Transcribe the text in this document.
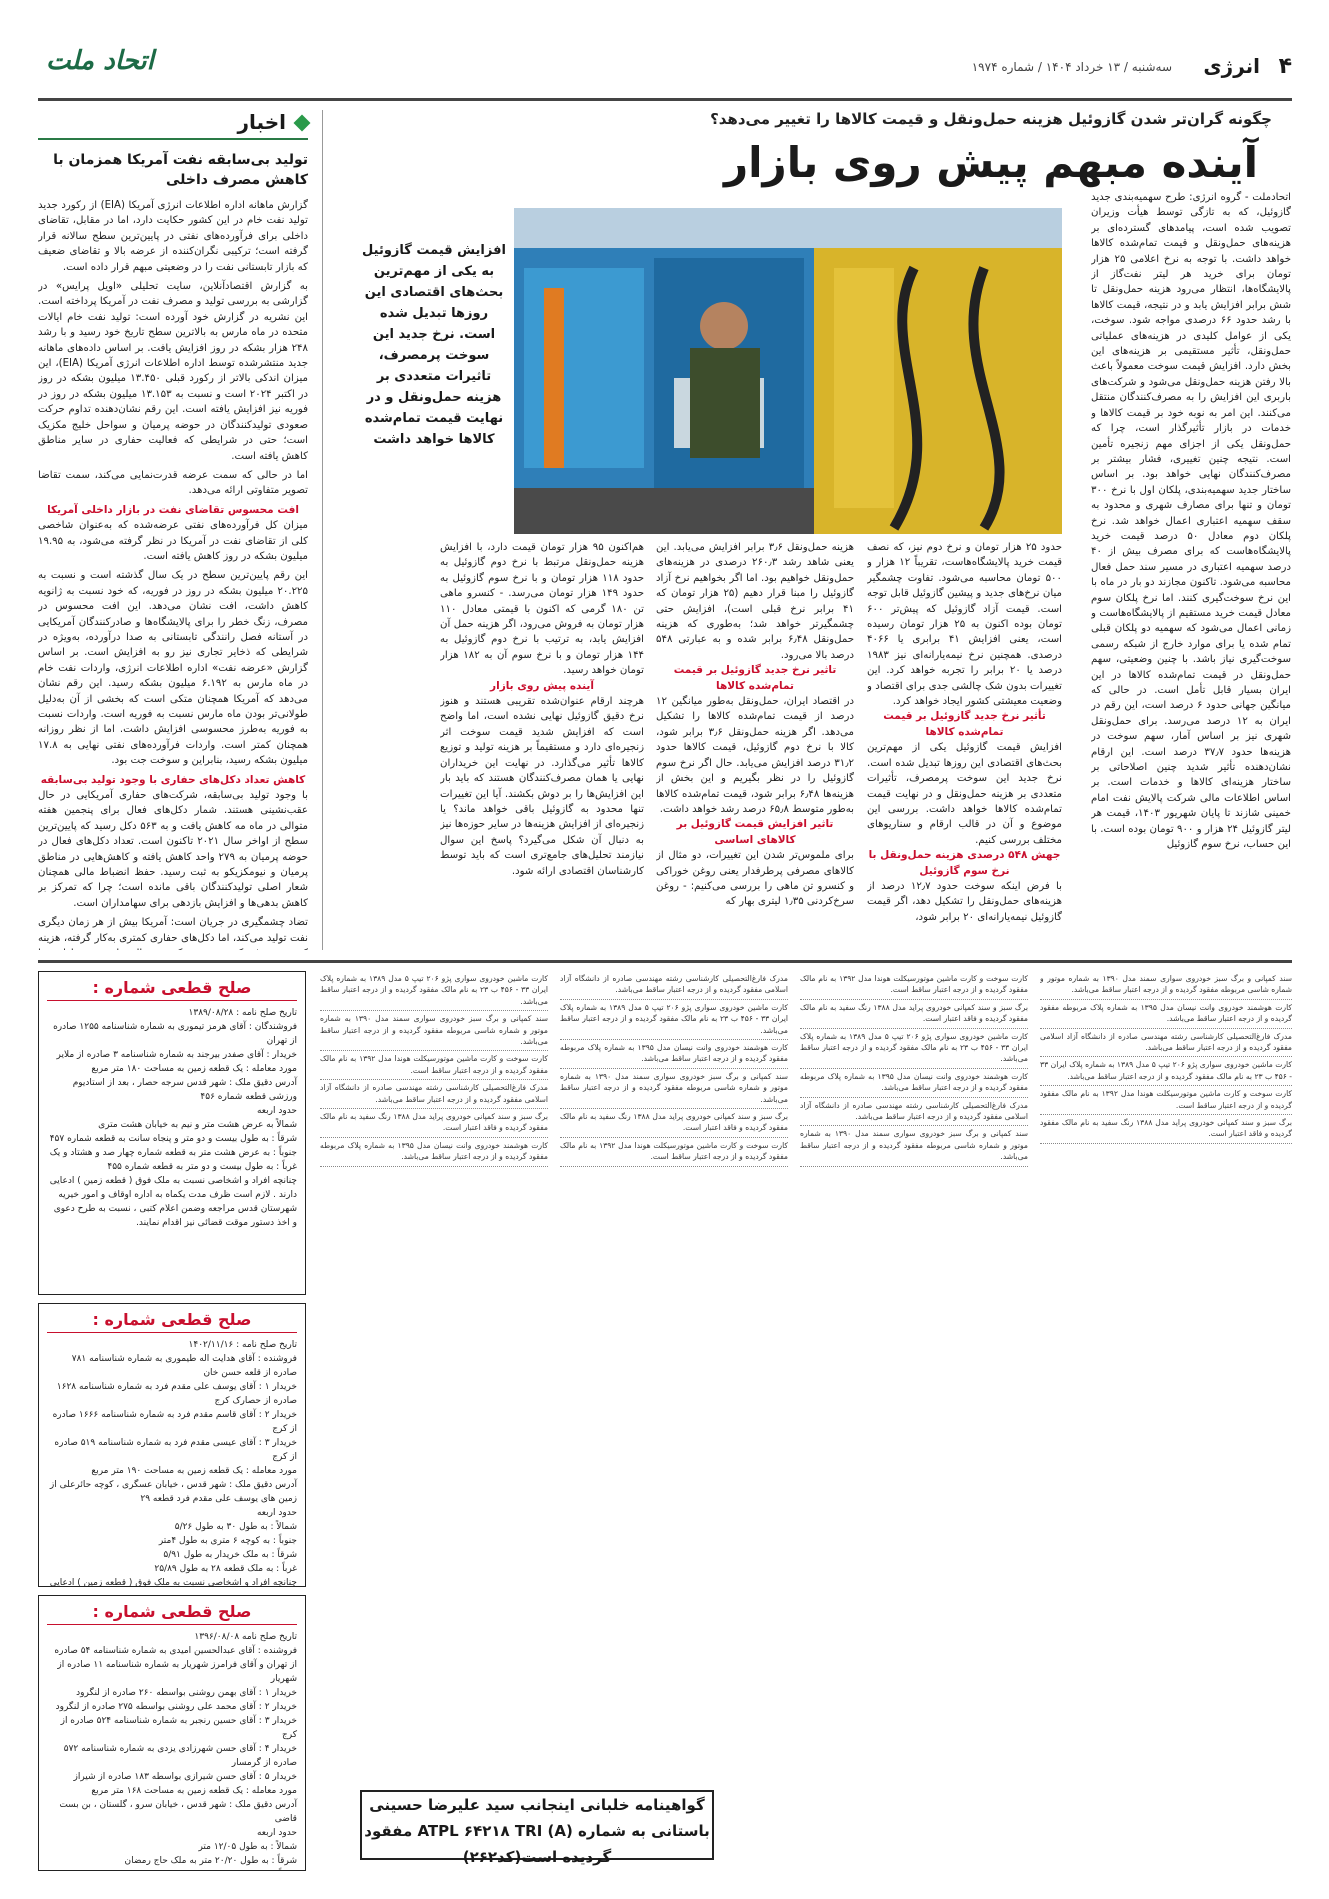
۴
انرژی
سه‌شنبه / ۱۳ خرداد ۱۴۰۴ / شماره ۱۹۷۴
اتحاد ملت
اخبار
تولید بی‌سابقه نفت آمریکا همزمان با کاهش مصرف داخلی

گزارش ماهانه اداره اطلاعات انرژی آمریکا (EIA) از رکورد جدید تولید نفت خام در این کشور حکایت دارد، اما در مقابل، تقاضای داخلی برای فرآورده‌های نفتی در پایین‌ترین سطح سالانه قرار گرفته است؛ ترکیبی نگران‌کننده از عرضه بالا و تقاضای ضعیف که بازار تابستانی نفت را در وضعیتی مبهم قرار داده است.

به گزارش اقتصادآنلاین، سایت تحلیلی «اویل پرایس» در گزارشی به بررسی تولید و مصرف نفت در آمریکا پرداخته است. این نشریه در گزارش خود آورده است: تولید نفت خام ایالات متحده در ماه مارس به بالاترین سطح تاریخ خود رسید و با رشد ۲۴۸ هزار بشکه در روز افزایش یافت. بر اساس داده‌های ماهانه جدید منتشرشده توسط اداره اطلاعات انرژی آمریکا (EIA)، این میزان اندکی بالاتر از رکورد قبلی ۱۳.۴۵۰ میلیون بشکه در روز در اکتبر ۲۰۲۴ است و نسبت به ۱۳.۱۵۳ میلیون بشکه در روز در فوریه نیز افزایش یافته است. این رقم نشان‌دهنده تداوم حرکت صعودی تولیدکنندگان در حوضه پرمیان و سواحل خلیج مکزیک است؛ حتی در شرایطی که فعالیت حفاری در سایر مناطق کاهش یافته است.

اما در حالی که سمت عرضه قدرت‌نمایی می‌کند، سمت تقاضا تصویر متفاوتی ارائه می‌دهد.

افت محسوس تقاضای نفت در بازار داخلی آمریکا

میزان کل فرآورده‌های نفتی عرضه‌شده که به‌عنوان شاخصی کلی از تقاضای نفت در آمریکا در نظر گرفته می‌شود، به ۱۹.۹۵ میلیون بشکه در روز کاهش یافته است.

این رقم پایین‌ترین سطح در یک سال گذشته است و نسبت به ۲۰.۲۲۵ میلیون بشکه در روز در فوریه، که خود نسبت به ژانویه کاهش داشت، افت نشان می‌دهد. این افت محسوس در مصرف، زنگ خطر را برای پالایشگاه‌ها و صادرکنندگان آمریکایی در آستانه فصل رانندگی تابستانی به صدا درآورده، به‌ویژه در شرایطی که ذخایر تجاری نیز رو به افزایش است. بر اساس گزارش «عرضه نفت» اداره اطلاعات انرژی، واردات نفت خام در ماه مارس به ۶.۱۹۲ میلیون بشکه رسید. این رقم نشان می‌دهد که آمریکا همچنان متکی است که بخشی از آن به‌دلیل طولانی‌تر بودن ماه مارس نسبت به فوریه است. واردات نسبت به فوریه به‌طرز محسوسی افزایش داشت. اما از نظر روزانه همچنان کمتر است. واردات فرآورده‌های نفتی نهایی به ۱۷.۸ میلیون بشکه رسید، بنابراین و سوخت جت بود.

کاهش تعداد دکل‌های حفاری با وجود تولید بی‌سابقه

با وجود تولید بی‌سابقه، شرکت‌های حفاری آمریکایی در حال عقب‌نشینی هستند. شمار دکل‌های فعال برای پنجمین هفته متوالی در ماه مه کاهش یافت و به ۵۶۳ دکل رسید که پایین‌ترین سطح از اواخر سال ۲۰۲۱ تاکنون است. تعداد دکل‌های فعال در حوضه پرمیان به ۲۷۹ واحد کاهش یافته و کاهش‌هایی در مناطق پرمیان و نیومکزیکو به ثبت رسید. حفظ انضباط مالی همچنان شعار اصلی تولیدکنندگان باقی مانده است؛ چرا که تمرکز بر کاهش بدهی‌ها و افزایش بازدهی برای سهامداران است.

تضاد چشمگیری در جریان است: آمریکا بیش از هر زمان دیگری نفت تولید می‌کند، اما دکل‌های حفاری کمتری به‌کار گرفته، هزینه

چگونه گران‌تر شدن گازوئیل هزینه حمل‌ونقل و قیمت کالاها را تغییر می‌دهد؟
آینده مبهم پیش روی بازار
اتحادملت - گروه انرژی: طرح سهمیه‌بندی جدید گازوئیل، که به تازگی توسط هیأت وزیران تصویب شده است، پیامدهای گسترده‌ای بر هزینه‌های حمل‌ونقل و قیمت تمام‌شده کالاها خواهد داشت. با توجه به نرخ اعلامی ۲۵ هزار تومان برای خرید هر لیتر نفت‌گاز از پالایشگاه‌ها، انتظار می‌رود هزینه حمل‌ونقل تا شش برابر افزایش یابد و در نتیجه، قیمت کالاها با رشد حدود ۶۶ درصدی مواجه شود. سوخت، یکی از عوامل کلیدی در هزینه‌های عملیاتی حمل‌ونقل، تأثیر مستقیمی بر هزینه‌های این بخش دارد. افزایش قیمت سوخت معمولاً باعث بالا رفتن هزینه حمل‌ونقل می‌شود و شرکت‌های باربری این افزایش را به مصرف‌کنندگان منتقل می‌کنند. این امر به نوبه خود بر قیمت کالاها و خدمات در بازار تأثیرگذار است، چرا که حمل‌ونقل یکی از اجزای مهم زنجیره تأمین است. نتیجه چنین تغییری، فشار بیشتر بر مصرف‌کنندگان نهایی خواهد بود. بر اساس ساختار جدید سهمیه‌بندی، پلکان اول با نرخ ۳۰۰ تومان و تنها برای مصارف شهری و محدود به سقف سهمیه اعتباری اعمال خواهد شد. نرخ پلکان دوم معادل ۵۰ درصد قیمت خرید پالایشگاه‌هاست که برای مصرف بیش از ۴۰ درصد سهمیه اعتباری در مسیر سند حمل فعال محاسبه می‌شود. تاکنون مجازند دو بار در ماه با این نرخ سوخت‌گیری کنند. اما نرخ پلکان سوم معادل قیمت خرید مستقیم از پالایشگاه‌هاست و زمانی اعمال می‌شود که سهمیه دو پلکان قبلی تمام شده یا برای موارد خارج از شبکه رسمی سوخت‌گیری نیاز باشد. با چنین وضعیتی، سهم حمل‌ونقل در قیمت تمام‌شده کالاها در این ایران بسیار قابل تأمل است. در حالی که میانگین جهانی حدود ۶ درصد است، این رقم در ایران به ۱۲ درصد می‌رسد. برای حمل‌ونقل شهری نیز بر اساس آمار، سهم سوخت در هزینه‌ها حدود ۳۷٫۷ درصد است. این ارقام نشان‌دهنده تأثیر شدید چنین اصلاحاتی بر ساختار هزینه‌ای کالاها و خدمات است. بر اساس اطلاعات مالی شرکت پالایش نفت امام خمینی شازند تا پایان شهریور ۱۴۰۳، قیمت هر لیتر گازوئیل ۲۴ هزار و ۹۰۰ تومان بوده است. با این حساب، نرخ سوم گازوئیل
افزایش قیمت گازوئیل به یکی از مهم‌ترین بحث‌های اقتصادی این روزها تبدیل شده است. نرخ جدید این سوخت پرمصرف، تاثیرات متعددی بر هزینه حمل‌ونقل و در نهایت قیمت تمام‌شده کالاها خواهد داشت
حدود ۲۵ هزار تومان و نرخ دوم نیز، که نصف قیمت خرید پالایشگاه‌هاست، تقریباً ۱۲ هزار و ۵۰۰ تومان محاسبه می‌شود. تفاوت چشمگیر میان نرخ‌های جدید و پیشین گازوئیل قابل توجه است. قیمت آزاد گازوئیل که پیش‌تر ۶۰۰ تومان بوده اکنون به ۲۵ هزار تومان رسیده است، یعنی افزایش ۴۱ برابری یا ۴۰۶۶ درصدی. همچنین نرخ نیمه‌یارانه‌ای نیز ۱۹۸۳ درصد یا ۲۰ برابر را تجربه خواهد کرد. این تغییرات بدون شک چالشی جدی برای اقتصاد و وضعیت معیشتی کشور ایجاد خواهد کرد.
تأثیر نرخ جدید گازوئیل بر قیمت تمام‌شده کالاها
افزایش قیمت گازوئیل یکی از مهم‌ترین بحث‌های اقتصادی این روزها تبدیل شده است. نرخ جدید این سوخت پرمصرف، تأثیرات متعددی بر هزینه حمل‌ونقل و در نهایت قیمت تمام‌شده کالاها خواهد داشت. بررسی این موضوع و آن در قالب ارقام و سناریوهای مختلف بررسی کنیم.
جهش ۵۴۸ درصدی هزینه حمل‌ونقل با نرخ سوم گازوئیل
با فرض اینکه سوخت حدود ۱۲٫۷ درصد از هزینه‌های حمل‌ونقل را تشکیل دهد، اگر قیمت گازوئیل نیمه‌یارانه‌ای ۲۰ برابر شود،
هزینه حمل‌ونقل ۳٫۶ برابر افزایش می‌یابد. این یعنی شاهد رشد ۲۶۰٫۳ درصدی در هزینه‌های حمل‌ونقل خواهیم بود. اما اگر بخواهیم نرخ آزاد گازوئیل را مبنا قرار دهیم (۲۵ هزار تومان که ۴۱ برابر نرخ قبلی است)، افزایش حتی چشمگیرتر خواهد شد؛ به‌طوری که هزینه حمل‌ونقل ۶٫۴۸ برابر شده و به عبارتی ۵۴۸ درصد بالا می‌رود.
تاثیر نرخ جدید گازوئیل بر قیمت تمام‌شده کالاها
در اقتصاد ایران، حمل‌ونقل به‌طور میانگین ۱۲ درصد از قیمت تمام‌شده کالاها را تشکیل می‌دهد. اگر هزینه حمل‌ونقل ۳٫۶ برابر شود، کالا با نرخ دوم گازوئیل، قیمت کالاها حدود ۳۱٫۲ درصد افزایش می‌یابد. حال اگر نرخ سوم گازوئیل را در نظر بگیریم و این بخش از هزینه‌ها ۶٫۴۸ برابر شود، قیمت تمام‌شده کالاها به‌طور متوسط ۶۵٫۸ درصد رشد خواهد داشت.
تاثیر افزایش قیمت گازوئیل بر کالاهای اساسی
برای ملموس‌تر شدن این تغییرات، دو مثال از کالاهای مصرفی پرطرفدار یعنی روغن خوراکی و کنسرو تن ماهی را بررسی می‌کنیم: - روغن سرخ‌کردنی ۱٫۳۵ لیتری بهار که
هم‌اکنون ۹۵ هزار تومان قیمت دارد، با افزایش هزینه حمل‌ونقل مرتبط با نرخ دوم گازوئیل به حدود ۱۱۸ هزار تومان و با نرخ سوم گازوئیل به حدود ۱۴۹ هزار تومان می‌رسد. - کنسرو ماهی تن ۱۸۰ گرمی که اکنون با قیمتی معادل ۱۱۰ هزار تومان به فروش می‌رود، اگر هزینه حمل آن افزایش یابد، به ترتیب با نرخ دوم گازوئیل به ۱۴۴ هزار تومان و با نرخ سوم آن به ۱۸۲ هزار تومان خواهد رسید.
آینده پیش روی بازار
هرچند ارقام عنوان‌شده تقریبی هستند و هنوز نرخ دقیق گازوئیل نهایی نشده است، اما واضح است که افزایش شدید قیمت سوخت اثر زنجیره‌ای دارد و مستقیماً بر هزینه تولید و توزیع کالاها تأثیر می‌گذارد. در نهایت این خریداران نهایی یا همان مصرف‌کنندگان هستند که باید بار این افزایش‌ها را بر دوش بکشند. آیا این تغییرات تنها محدود به گازوئیل باقی خواهد ماند؟ یا زنجیره‌ای از افزایش هزینه‌ها در سایر حوزه‌ها نیز به دنبال آن شکل می‌گیرد؟ پاسخ این سوال نیازمند تحلیل‌های جامع‌تری است که باید توسط کارشناسان اقتصادی ارائه شود.
صلح قطعی شماره :
تاریخ صلح نامه : ۱۳۸۹/۰۸/۲۸
فروشندگان : آقای هرمز تیموری به شماره شناسنامه ۱۲۵۵ صادره از تهران
خریدار : آقای صفدر بیرجند به شماره شناسنامه ۳ صادره از ملایر
مورد معامله : یک قطعه زمین به مساحت ۱۸۰ متر مربع
آدرس دقیق ملک : شهر قدس سرجه حصار ، بعد از استادیوم ورزشی قطعه شماره ۴۵۶
حدود اربعه
شمالاً به عرض هشت متر و نیم به خیابان هشت متری
شرقاً : به طول بیست و دو متر و پنجاه سانت به قطعه شماره ۴۵۷
جنوباً : به عرض هشت متر به قطعه شماره چهار صد و هشتاد و یک
غرباً : به طول بیست و دو متر به قطعه شماره ۴۵۵
چنانچه افراد و اشخاصی نسبت به ملک فوق ( قطعه زمین ) ادعایی دارند . لازم است ظرف مدت یکماه به اداره اوقاف و امور خیریه شهرستان قدس مراجعه وضمن اعلام کتبی ، نسبت به طرح دعوی و اخذ دستور موقت قضائی نیز اقدام نمایند.
صلح قطعی شماره :
تاریخ صلح نامه : ۱۴۰۲/۱۱/۱۶
فروشنده : آقای هدایت اله طیموری به شماره شناسنامه ۷۸۱ صادره از قلعه حسن خان
خریدار ۱ : آقای یوسف علی مقدم فرد به شماره شناسنامه ۱۶۲۸ صادره از حصارک کرج
خریدار ۲ : آقای قاسم مقدم فرد به شماره شناسنامه ۱۶۶۶ صادره از کرج
خریدار ۳ : آقای عیسی مقدم فرد به شماره شناسنامه ۵۱۹ صادره از کرج
مورد معامله : یک قطعه زمین به مساحت ۱۹۰ متر مربع
آدرس دقیق ملک : شهر قدس ، خیابان عسگری ، کوچه حائرعلی از زمین های یوسف علی مقدم فرد قطعه ۲۹
حدود اربعه
شمالاً : به طول ۳۰ به طول ۵/۲۶
جنوباً : به کوچه ۶ متری به طول ۴متر
شرقاً : به ملک خریدار به طول ۵/۹۱
غرباً : به ملک قطعه ۲۸ به طول ۲۵/۸۹
چنانچه افراد و اشخاصی نسبت به ملک فوق ( قطعه زمین ) ادعایی
صلح قطعی شماره :
تاریخ صلح نامه ۱۳۹۶/۰۸/۰۸
فروشنده : آقای عبدالحسین امیدی به شماره شناسنامه ۵۴ صادره از تهران و آقای فرامرز شهریار به شماره شناسنامه ۱۱ صادره از شهریار
خریدار ۱ : آقای بهمن روشنی بواسطه ۲۶۰ صادره از لنگرود
خریدار ۲ : آقای محمد علی روشنی بواسطه ۲۷۵ صادره از لنگرود
خریدار ۳ : آقای حسین رنجبر به شماره شناسنامه ۵۲۴ صادره از کرج
خریدار ۴ : آقای حسن شهرزادی یزدی به شماره شناسنامه ۵۷۲ صادره از گرمسار
خریدار ۵ : آقای حسن شیرازی بواسطه ۱۸۳ صادره از شیراز
مورد معامله : یک قطعه زمین به مساحت ۱۶۸ متر مربع
آدرس دقیق ملک : شهر قدس ، خیابان سرو ، گلستان ، بن بست قاضی
حدود اربعه
شمالاً : به طول ۱۲/۰۵ متر
شرقاً : به طول ۲۰/۲۰ متر به ملک حاج رمضان
کارت ماشین خودروی سواری پژو ۲۰۶ تیپ ۵ مدل ۱۳۸۹ به شماره پلاک ایران ۳۳ - ۴۵۶ ب ۲۳ به نام مالک مفقود گردیده و از درجه اعتبار ساقط می‌باشد.
سند کمپانی و برگ سبز خودروی سواری سمند مدل ۱۳۹۰ به شماره موتور و شماره شاسی مربوطه مفقود گردیده و از درجه اعتبار ساقط می‌باشد.
کارت سوخت و کارت ماشین موتورسیکلت هوندا مدل ۱۳۹۲ به نام مالک مفقود گردیده و از درجه اعتبار ساقط است.
مدرک فارغ‌التحصیلی کارشناسی رشته مهندسی صادره از دانشگاه آزاد اسلامی مفقود گردیده و از درجه اعتبار ساقط می‌باشد.
برگ سبز و سند کمپانی خودروی پراید مدل ۱۳۸۸ رنگ سفید به نام مالک مفقود گردیده و فاقد اعتبار است.
کارت هوشمند خودروی وانت نیسان مدل ۱۳۹۵ به شماره پلاک مربوطه مفقود گردیده و از درجه اعتبار ساقط می‌باشد.
مدرک فارغ‌التحصیلی کارشناسی رشته مهندسی صادره از دانشگاه آزاد اسلامی مفقود گردیده و از درجه اعتبار ساقط می‌باشد.
کارت ماشین خودروی سواری پژو ۲۰۶ تیپ ۵ مدل ۱۳۸۹ به شماره پلاک ایران ۳۳ - ۴۵۶ ب ۲۳ به نام مالک مفقود گردیده و از درجه اعتبار ساقط می‌باشد.
کارت هوشمند خودروی وانت نیسان مدل ۱۳۹۵ به شماره پلاک مربوطه مفقود گردیده و از درجه اعتبار ساقط می‌باشد.
سند کمپانی و برگ سبز خودروی سواری سمند مدل ۱۳۹۰ به شماره موتور و شماره شاسی مربوطه مفقود گردیده و از درجه اعتبار ساقط می‌باشد.
برگ سبز و سند کمپانی خودروی پراید مدل ۱۳۸۸ رنگ سفید به نام مالک مفقود گردیده و فاقد اعتبار است.
کارت سوخت و کارت ماشین موتورسیکلت هوندا مدل ۱۳۹۲ به نام مالک مفقود گردیده و از درجه اعتبار ساقط است.
کارت سوخت و کارت ماشین موتورسیکلت هوندا مدل ۱۳۹۲ به نام مالک مفقود گردیده و از درجه اعتبار ساقط است.
برگ سبز و سند کمپانی خودروی پراید مدل ۱۳۸۸ رنگ سفید به نام مالک مفقود گردیده و فاقد اعتبار است.
کارت ماشین خودروی سواری پژو ۲۰۶ تیپ ۵ مدل ۱۳۸۹ به شماره پلاک ایران ۳۳ - ۴۵۶ ب ۲۳ به نام مالک مفقود گردیده و از درجه اعتبار ساقط می‌باشد.
کارت هوشمند خودروی وانت نیسان مدل ۱۳۹۵ به شماره پلاک مربوطه مفقود گردیده و از درجه اعتبار ساقط می‌باشد.
مدرک فارغ‌التحصیلی کارشناسی رشته مهندسی صادره از دانشگاه آزاد اسلامی مفقود گردیده و از درجه اعتبار ساقط می‌باشد.
سند کمپانی و برگ سبز خودروی سواری سمند مدل ۱۳۹۰ به شماره موتور و شماره شاسی مربوطه مفقود گردیده و از درجه اعتبار ساقط می‌باشد.
سند کمپانی و برگ سبز خودروی سواری سمند مدل ۱۳۹۰ به شماره موتور و شماره شاسی مربوطه مفقود گردیده و از درجه اعتبار ساقط می‌باشد.
کارت هوشمند خودروی وانت نیسان مدل ۱۳۹۵ به شماره پلاک مربوطه مفقود گردیده و از درجه اعتبار ساقط می‌باشد.
مدرک فارغ‌التحصیلی کارشناسی رشته مهندسی صادره از دانشگاه آزاد اسلامی مفقود گردیده و از درجه اعتبار ساقط می‌باشد.
کارت ماشین خودروی سواری پژو ۲۰۶ تیپ ۵ مدل ۱۳۸۹ به شماره پلاک ایران ۳۳ - ۴۵۶ ب ۲۳ به نام مالک مفقود گردیده و از درجه اعتبار ساقط می‌باشد.
کارت سوخت و کارت ماشین موتورسیکلت هوندا مدل ۱۳۹۲ به نام مالک مفقود گردیده و از درجه اعتبار ساقط است.
برگ سبز و سند کمپانی خودروی پراید مدل ۱۳۸۸ رنگ سفید به نام مالک مفقود گردیده و فاقد اعتبار است.
گواهینامه خلبانی اینجانب سید علیرضا حسینی باستانی به شماره (ATPL ۶۴۲۱۸ TRI (A مفقود گردیده است(کد۲۶۲)
